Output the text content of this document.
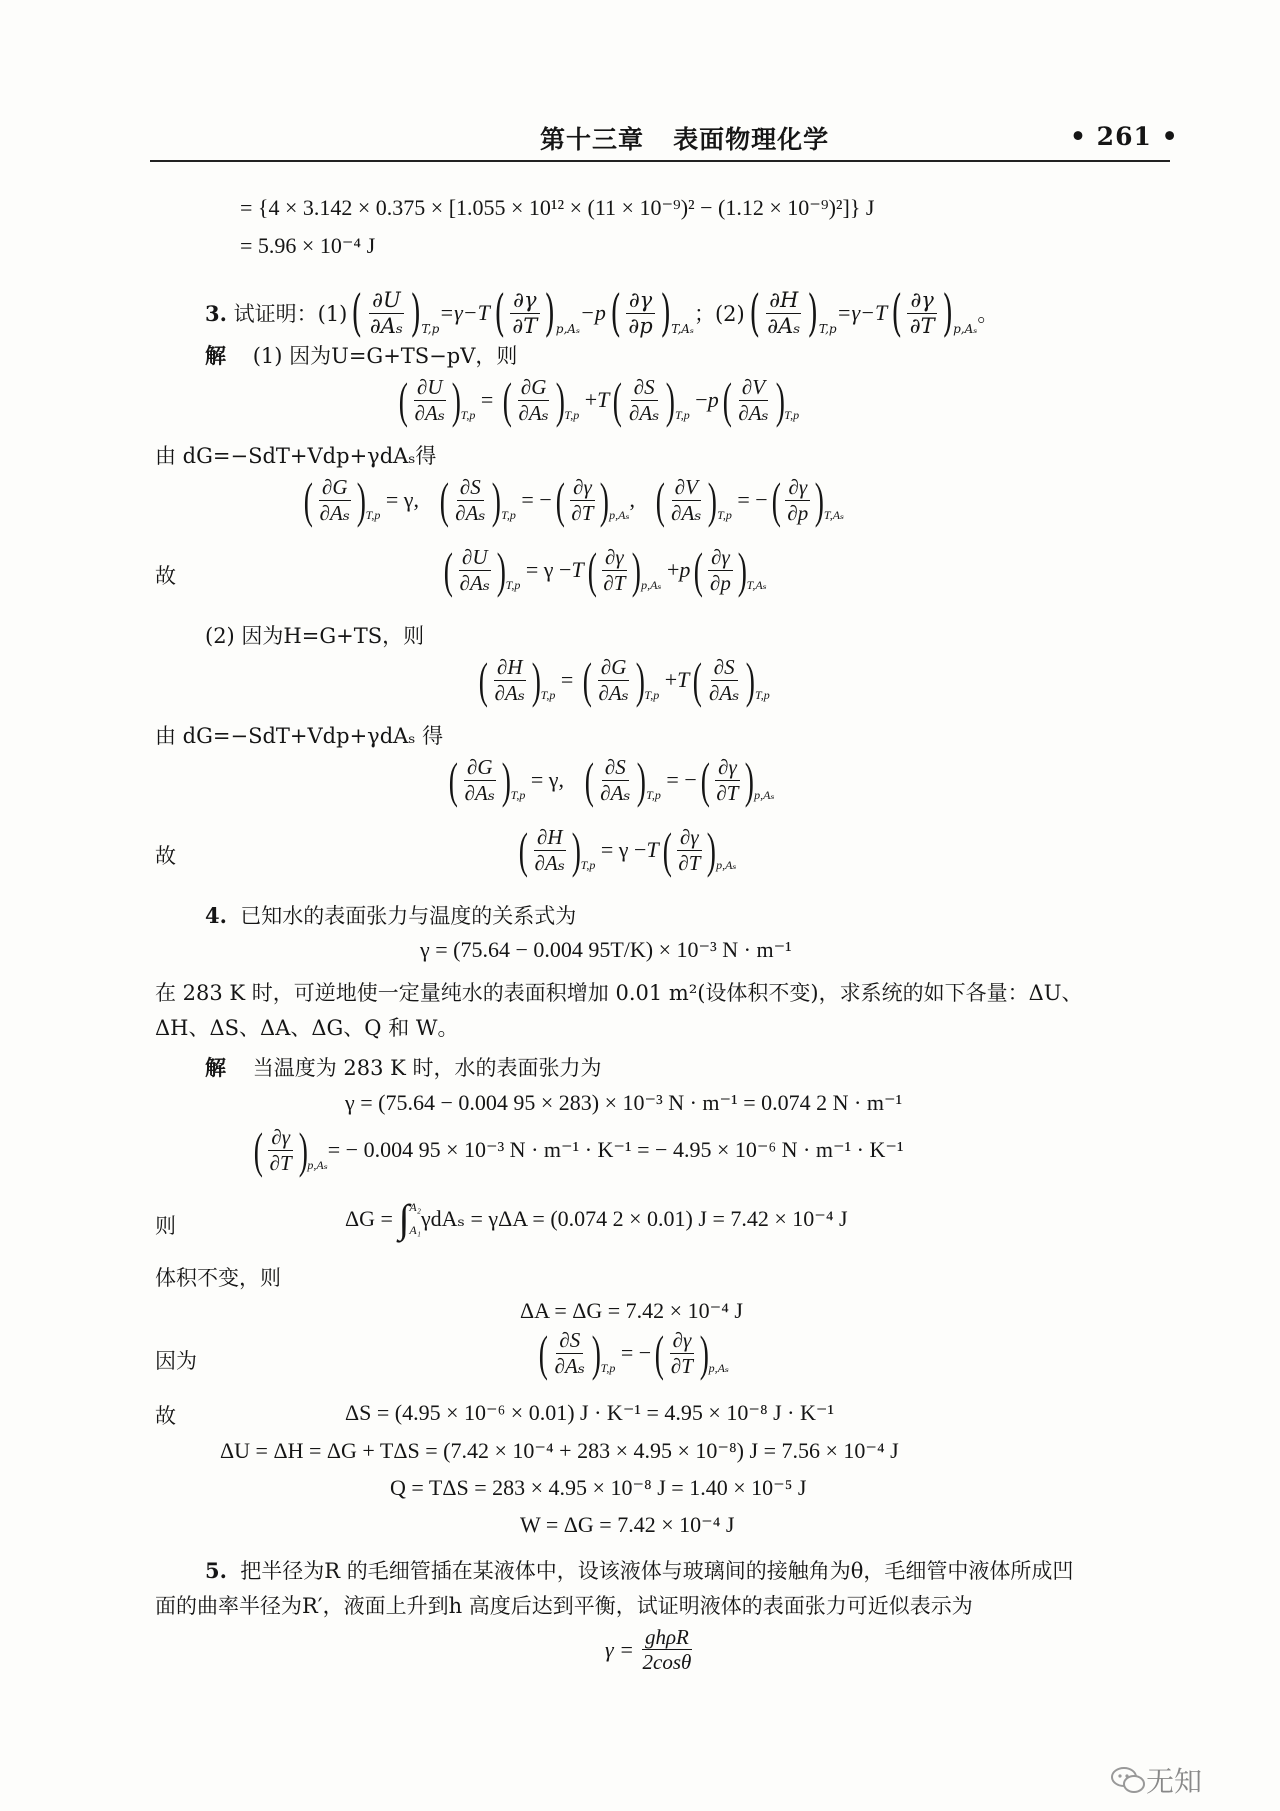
第十三章 表面物理化学	• 261 •
= {4 × 3.142 × 0.375 × [1.055 × 10¹² × (11 × 10⁻⁹)² − (1.12 × 10⁻⁹)²]} J
= 5.96 × 10⁻⁴ J
3.
试证明：(1) ( $\frac{\partial U}{\text{∂Aₛ}}$ ) T,p
=γ−T ( $\frac{\partial\gamma}{\partial T}$ ) p,Aₛ
−p ( $\frac{\partial\gamma}{\partial p}$ ) T,Aₛ
；(2) ( $\frac{\partial H}{\text{∂Aₛ}}$ ) T,p
=γ−T ( $\frac{\partial\gamma}{\partial T}$ ) p,Aₛ
。
解 (1) 因为U=G+TS−pV，则
( $\frac{\partial U}{\text{∂Aₛ}}$ ) T,p
= ( $\frac{\partial G}{\text{∂Aₛ}}$ ) T,p
+ T ( $\frac{\partial S}{\text{∂Aₛ}}$ ) T,p
− p ( $\frac{\partial V}{\text{∂Aₛ}}$ ) T,p
由 dG=−SdT+Vdp+γdAₛ得
( $\frac{\partial G}{\text{∂Aₛ}}$ ) T,p
= γ, ( $\frac{\partial S}{\text{∂Aₛ}}$ ) T,p
= − ( $\frac{\partial\gamma}{\partial T}$ ) p,Aₛ
, ( $\frac{\partial V}{\text{∂Aₛ}}$ ) T,p
= − ( $\frac{\partial\gamma}{\partial p}$ ) T,Aₛ
故	( $\frac{\partial U}{\text{∂Aₛ}}$ ) T,p
= γ − T ( $\frac{\partial\gamma}{\partial T}$ ) p,Aₛ
+ p ( $\frac{\partial\gamma}{\partial p}$ ) T,Aₛ
(2) 因为H=G+TS，则
( $\frac{\partial H}{\text{∂Aₛ}}$ ) T,p
= ( $\frac{\partial G}{\text{∂Aₛ}}$ ) T,p
+ T ( $\frac{\partial S}{\text{∂Aₛ}}$ ) T,p
由 dG=−SdT+Vdp+γdAₛ 得
( $\frac{\partial G}{\text{∂Aₛ}}$ ) T,p
= γ, ( $\frac{\partial S}{\text{∂Aₛ}}$ ) T,p
= − ( $\frac{\partial\gamma}{\partial T}$ ) p,Aₛ
故	( $\frac{\partial H}{\text{∂Aₛ}}$ ) T,p
= γ − T ( $\frac{\partial\gamma}{\partial T}$ ) p,Aₛ
4. 已知水的表面张力与温度的关系式为
γ = (75.64 − 0.004 95T/K) × 10⁻³ N · m⁻¹
在 283 K 时，可逆地使一定量纯水的表面积增加 0.01 m²(设体积不变)，求系统的如下各量：ΔU、
ΔH、ΔS、ΔA、ΔG、Q 和 W。
解 当温度为 283 K 时，水的表面张力为
γ = (75.64 − 0.004 95 × 283) × 10⁻³ N · m⁻¹ = 0.074 2 N · m⁻¹
( $\frac{\partial\gamma}{\partial T}$ ) p,Aₛ
= − 0.004 95 × 10⁻³ N · m⁻¹ · K⁻¹ = − 4.95 × 10⁻⁶ N · m⁻¹ · K⁻¹
则	ΔG =
∫ A₂
A₁ γdAₛ = γΔA = (0.074 2 × 0.01) J = 7.42 × 10⁻⁴ J
体积不变，则
ΔA = ΔG = 7.42 × 10⁻⁴ J
因为	( $\frac{\partial S}{\text{∂Aₛ}}$ ) T,p
= − ( $\frac{\partial\gamma}{\partial T}$ ) p,Aₛ
故	ΔS = (4.95 × 10⁻⁶ × 0.01) J · K⁻¹ = 4.95 × 10⁻⁸ J · K⁻¹
ΔU = ΔH = ΔG + TΔS = (7.42 × 10⁻⁴ + 283 × 4.95 × 10⁻⁸) J = 7.56 × 10⁻⁴ J
Q = TΔS = 283 × 4.95 × 10⁻⁸ J = 1.40 × 10⁻⁵ J
W = ΔG = 7.42 × 10⁻⁴ J
5. 把半径为R 的毛细管插在某液体中，设该液体与玻璃间的接触角为θ，毛细管中液体所成凹
面的曲率半径为R′，液面上升到h 高度后达到平衡，试证明液体的表面张力可近似表示为
γ =
$\frac{\text{ghρR}}{2\cos\theta}$
无知
